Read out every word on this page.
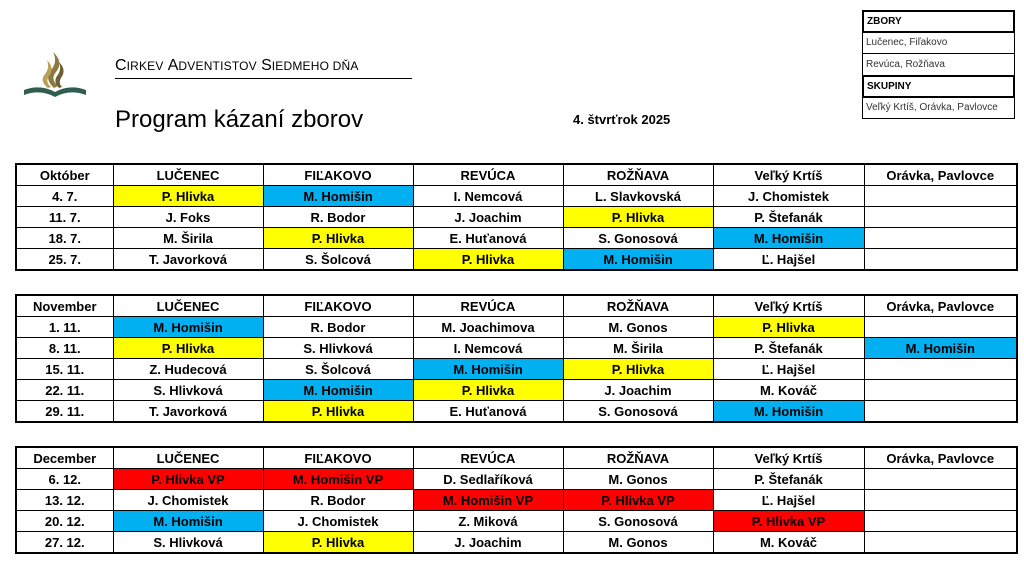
CIRKEV ADVENTISTOV SIEDMEHO DŇA
Program kázaní zborov	4. štvrťrok 2025
ZBORY
Lučenec, Fiľakovo
Revúca, Rožňava
SKUPINY
Veľký Krtíš, Orávka, Pavlovce
Október	LUČENEC	FIĽAKOVO	REVÚCA	ROŽŇAVA	Veľký Krtíš	Orávka, Pavlovce
4. 7.	P. Hlivka	M. Homišin	I. Nemcová	L. Slavkovská	J. Chomistek	
11. 7.	J. Foks	R. Bodor	J. Joachim	P. Hlivka	P. Štefanák	
18. 7.	M. Širila	P. Hlivka	E. Huťanová	S. Gonosová	M. Homišin	
25. 7.	T. Javorková	S. Šolcová	P. Hlivka	M. Homišin	Ľ. Hajšel	
November	LUČENEC	FIĽAKOVO	REVÚCA	ROŽŇAVA	Veľký Krtíš	Orávka, Pavlovce
1. 11.	M. Homišin	R. Bodor	M. Joachimova	M. Gonos	P. Hlivka	
8. 11.	P. Hlivka	S. Hlivková	I. Nemcová	M. Širila	P. Štefanák	M. Homišin
15. 11.	Z. Hudecová	S. Šolcová	M. Homišin	P. Hlivka	Ľ. Hajšel	
22. 11.	S. Hlivková	M. Homišin	P. Hlivka	J. Joachim	M. Kováč	
29. 11.	T. Javorková	P. Hlivka	E. Huťanová	S. Gonosová	M. Homišin	
December	LUČENEC	FIĽAKOVO	REVÚCA	ROŽŇAVA	Veľký Krtíš	Orávka, Pavlovce
6. 12.	P. Hlivka VP	M. Homišin VP	D. Sedlaříková	M. Gonos	P. Štefanák	
13. 12.	J. Chomistek	R. Bodor	M. Homišin VP	P. Hlivka VP	Ľ. Hajšel	
20. 12.	M. Homišin	J. Chomistek	Z. Miková	S. Gonosová	P. Hlivka VP	
27. 12.	S. Hlivková	P. Hlivka	J. Joachim	M. Gonos	M. Kováč	
